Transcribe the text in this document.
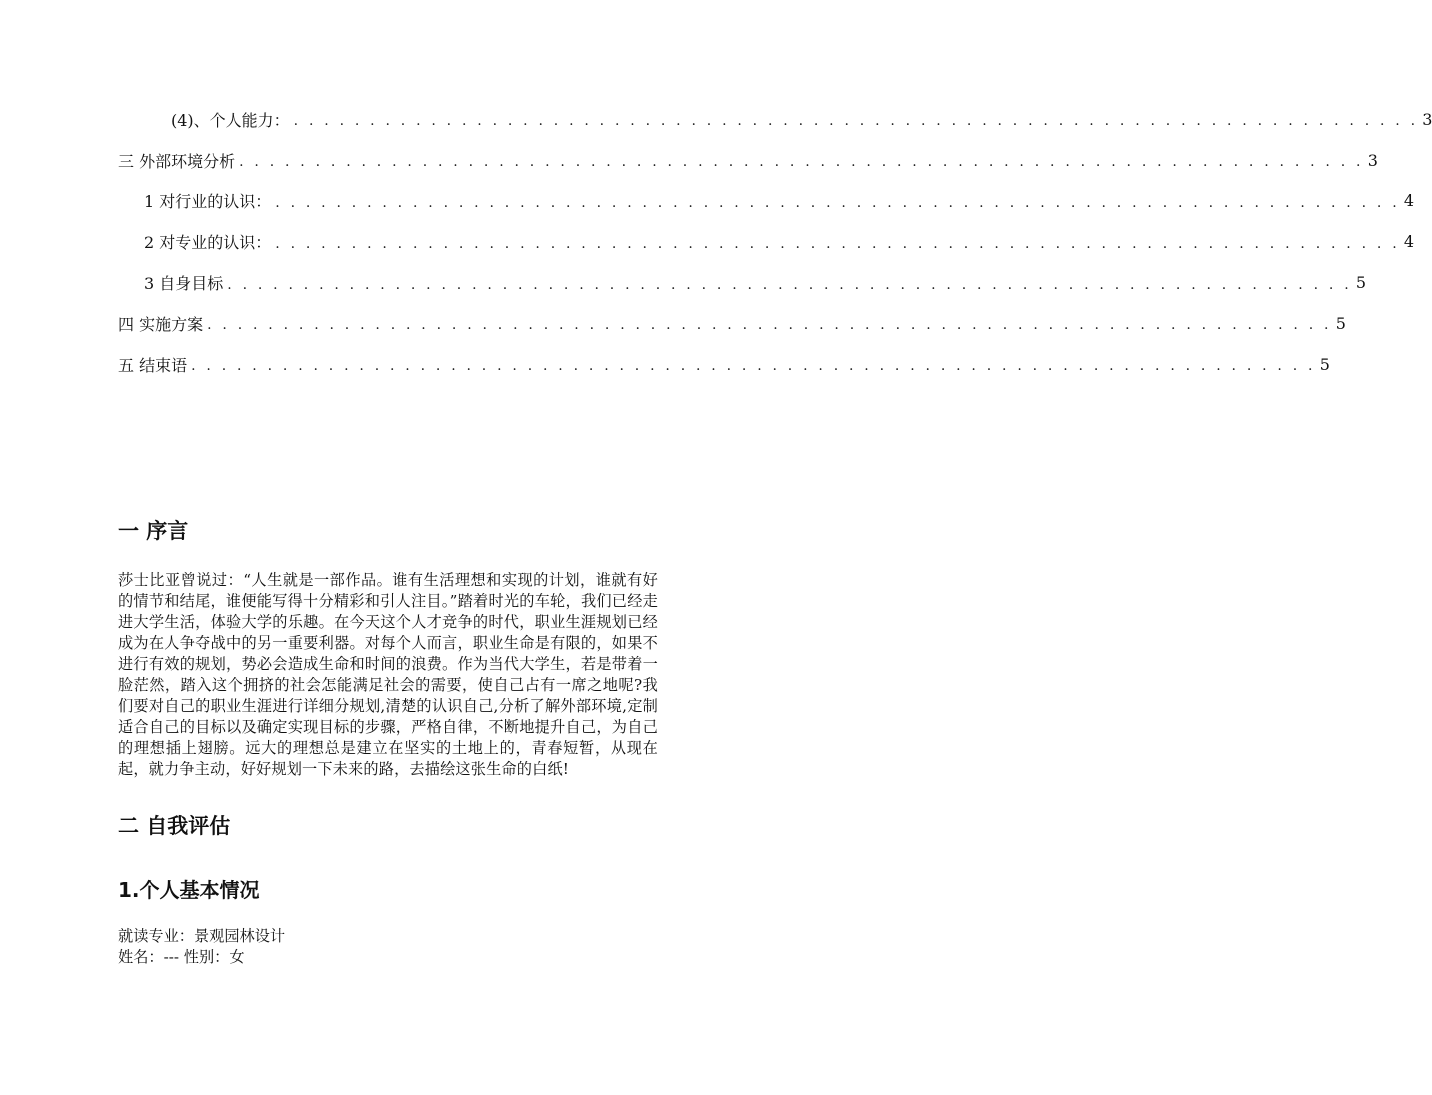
(4)、个人能力： . . . . . . . . . . . . . . . . . . . . . . . . . . . . . . . . . . . . . . . . . . . . . . . . . . . . . . . . . . . . . . . . . . . . . . . . . . 3
三 外部环境分析 . . . . . . . . . . . . . . . . . . . . . . . . . . . . . . . . . . . . . . . . . . . . . . . . . . . . . . . . . . . . . . . . . . . . . . . . . . 3
1 对行业的认识： . . . . . . . . . . . . . . . . . . . . . . . . . . . . . . . . . . . . . . . . . . . . . . . . . . . . . . . . . . . . . . . . . . . . . . . . . . 4
2 对专业的认识： . . . . . . . . . . . . . . . . . . . . . . . . . . . . . . . . . . . . . . . . . . . . . . . . . . . . . . . . . . . . . . . . . . . . . . . . . . 4
3 自身目标 . . . . . . . . . . . . . . . . . . . . . . . . . . . . . . . . . . . . . . . . . . . . . . . . . . . . . . . . . . . . . . . . . . . . . . . . . . 5
四 实施方案 . . . . . . . . . . . . . . . . . . . . . . . . . . . . . . . . . . . . . . . . . . . . . . . . . . . . . . . . . . . . . . . . . . . . . . . . . . 5
五 结束语 . . . . . . . . . . . . . . . . . . . . . . . . . . . . . . . . . . . . . . . . . . . . . . . . . . . . . . . . . . . . . . . . . . . . . . . . . . 5
一 序言
莎士比亚曾说过：“人生就是一部作品。谁有生活理想和实现的计划，谁就有好的情节和结尾，谁便能写得十分精彩和引人注目。”踏着时光的车轮，我们已经走进大学生活，体验大学的乐趣。在今天这个人才竞争的时代，职业生涯规划已经成为在人争夺战中的另一重要利器。对每个人而言，职业生命是有限的，如果不进行有效的规划，势必会造成生命和时间的浪费。作为当代大学生，若是带着一脸茫然，踏入这个拥挤的社会怎能满足社会的需要，使自己占有一席之地呢?我们要对自己的职业生涯进行详细分规划,清楚的认识自己,分析了解外部环境,定制适合自己的目标以及确定实现目标的步骤，严格自律，不断地提升自己，为自己的理想插上翅膀。远大的理想总是建立在坚实的土地上的，青春短暂，从现在起，就力争主动，好好规划一下未来的路，去描绘这张生命的白纸!
二 自我评估
1.个人基本情况
就读专业：景观园林设计
姓名：--- 性别：女
